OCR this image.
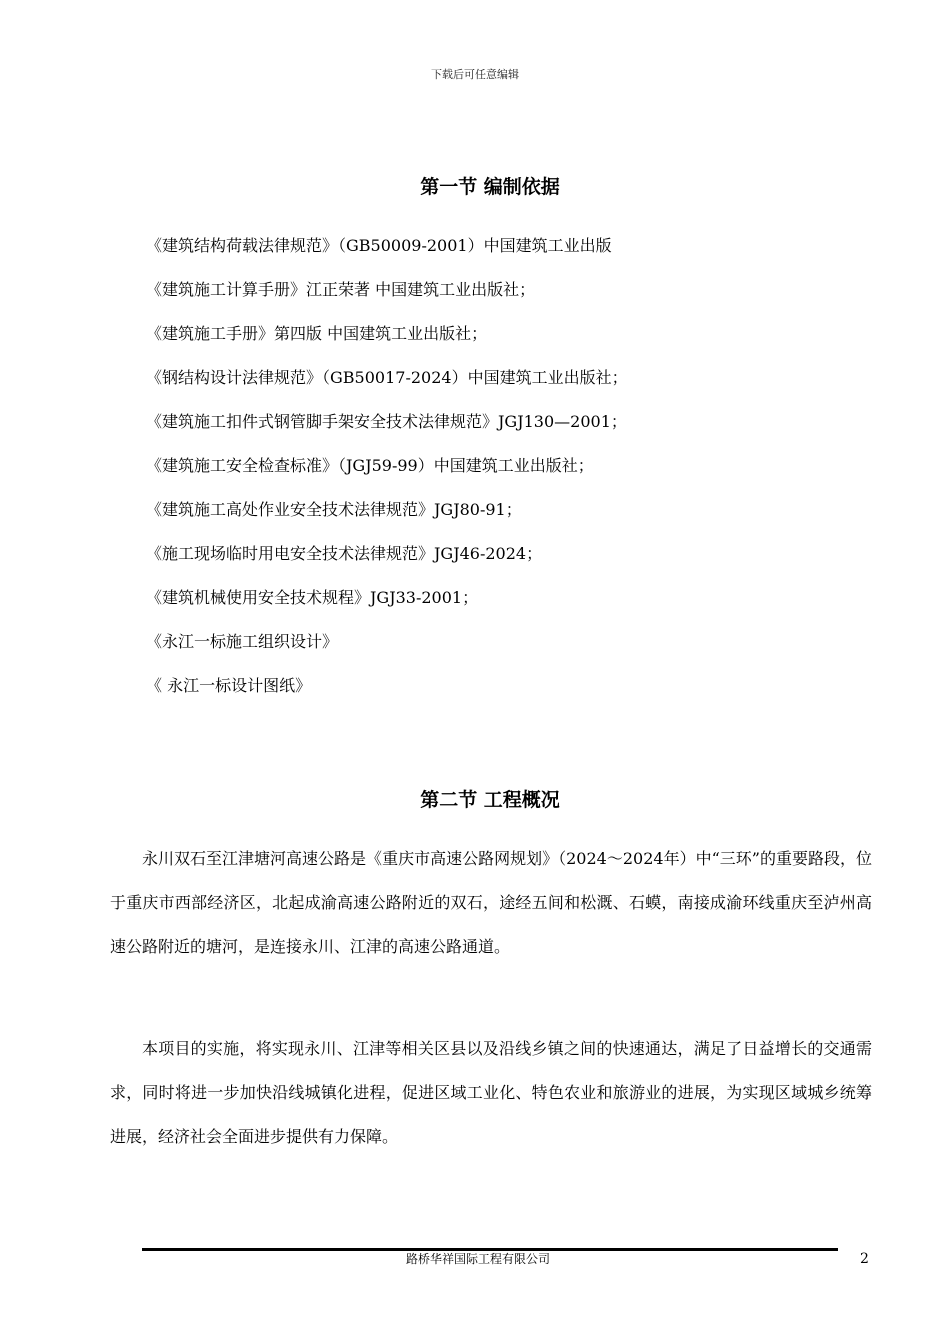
下载后可任意编辑
第一节 编制依据
《建筑结构荷载法律规范》（GB50009-2001）中国建筑工业出版
《建筑施工计算手册》江正荣著 中国建筑工业出版社；
《建筑施工手册》第四版 中国建筑工业出版社；
《钢结构设计法律规范》（GB50017-2024）中国建筑工业出版社；
《建筑施工扣件式钢管脚手架安全技术法律规范》JGJ130—2001；
《建筑施工安全检查标准》（JGJ59-99）中国建筑工业出版社；
《建筑施工高处作业安全技术法律规范》JGJ80-91；
《施工现场临时用电安全技术法律规范》JGJ46-2024；
《建筑机械使用安全技术规程》JGJ33-2001；
《永江一标施工组织设计》
《 永江一标设计图纸》
第二节 工程概况

永川双石至江津塘河高速公路是《重庆市高速公路网规划》（2024～2024年）中“三环”的重要路段，位于重庆市西部经济区，北起成渝高速公路附近的双石，途经五间和松溉、石蟆，南接成渝环线重庆至泸州高速公路附近的塘河，是连接永川、江津的高速公路通道。

本项目的实施，将实现永川、江津等相关区县以及沿线乡镇之间的快速通达，满足了日益增长的交通需求，同时将进一步加快沿线城镇化进程，促进区域工业化、特色农业和旅游业的进展，为实现区域城乡统筹进展，经济社会全面进步提供有力保障。

路桥华祥国际工程有限公司	2
